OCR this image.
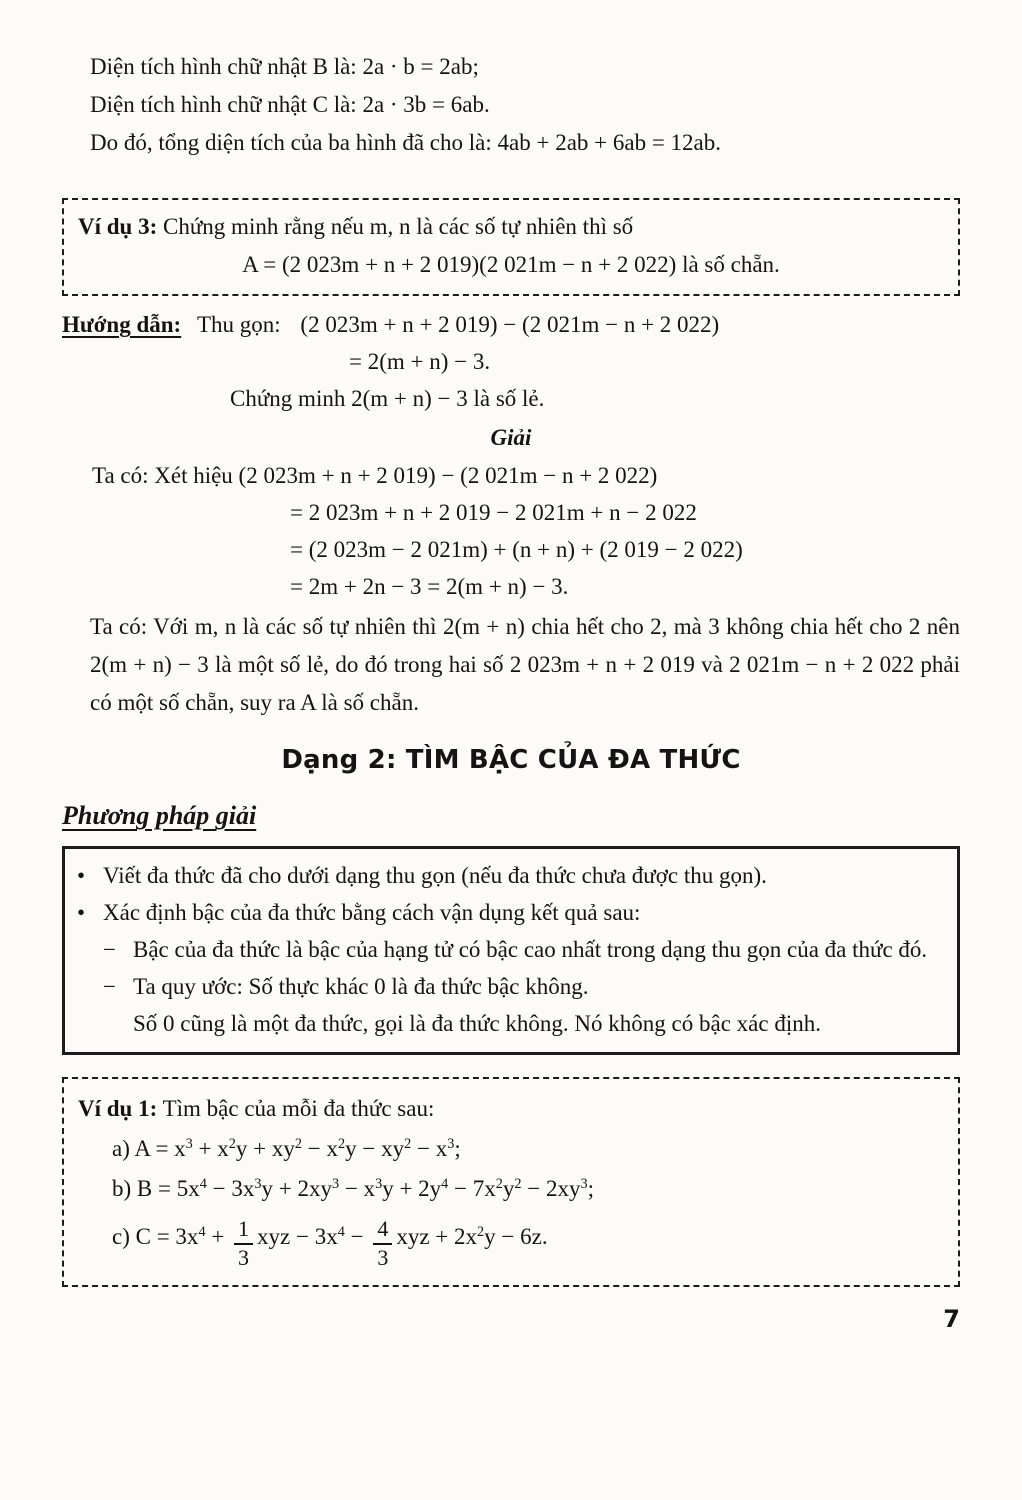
Diện tích hình chữ nhật B là: 2a · b = 2ab;
Diện tích hình chữ nhật C là: 2a · 3b = 6ab.
Do đó, tổng diện tích của ba hình đã cho là: 4ab + 2ab + 6ab = 12ab.
Ví dụ 3: Chứng minh rằng nếu m, n là các số tự nhiên thì số
A = (2 023m + n + 2 019)(2 021m − n + 2 022) là số chẵn.
Hướng dẫn: Thu gọn: (2 023m + n + 2 019) − (2 021m − n + 2 022)
= 2(m + n) − 3.
Chứng minh 2(m + n) − 3 là số lẻ.
Giải
Ta có: Xét hiệu (2 023m + n + 2 019) − (2 021m − n + 2 022)
= 2 023m + n + 2 019 − 2 021m + n − 2 022
= (2 023m − 2 021m) + (n + n) + (2 019 − 2 022)
= 2m + 2n − 3 = 2(m + n) − 3.
Ta có: Với m, n là các số tự nhiên thì 2(m + n) chia hết cho 2, mà 3 không chia hết cho 2 nên 2(m + n) − 3 là một số lẻ, do đó trong hai số 2 023m + n + 2 019 và 2 021m − n + 2 022 phải có một số chẵn, suy ra A là số chẵn.
Dạng 2: TÌM BẬC CỦA ĐA THỨC
Phương pháp giải
• Viết đa thức đã cho dưới dạng thu gọn (nếu đa thức chưa được thu gọn).
• Xác định bậc của đa thức bằng cách vận dụng kết quả sau:
− Bậc của đa thức là bậc của hạng tử có bậc cao nhất trong dạng thu gọn của đa thức đó.
− Ta quy ước: Số thực khác 0 là đa thức bậc không.
Số 0 cũng là một đa thức, gọi là đa thức không. Nó không có bậc xác định.
Ví dụ 1: Tìm bậc của mỗi đa thức sau:
a) $A = x^3 + x^2y + xy^2 - x^2y - xy^2 - x^3$;
b) $B = 5x^4 - 3x^3y + 2xy^3 - x^3y + 2y^4 - 7x^2y^2 - 2xy^3$;
c) $C = 3x^4 + \frac{1}{3}$ xyz − $3x^4 - \frac{4}{3}$ xyz + $2x^2y - 6z$.
7
